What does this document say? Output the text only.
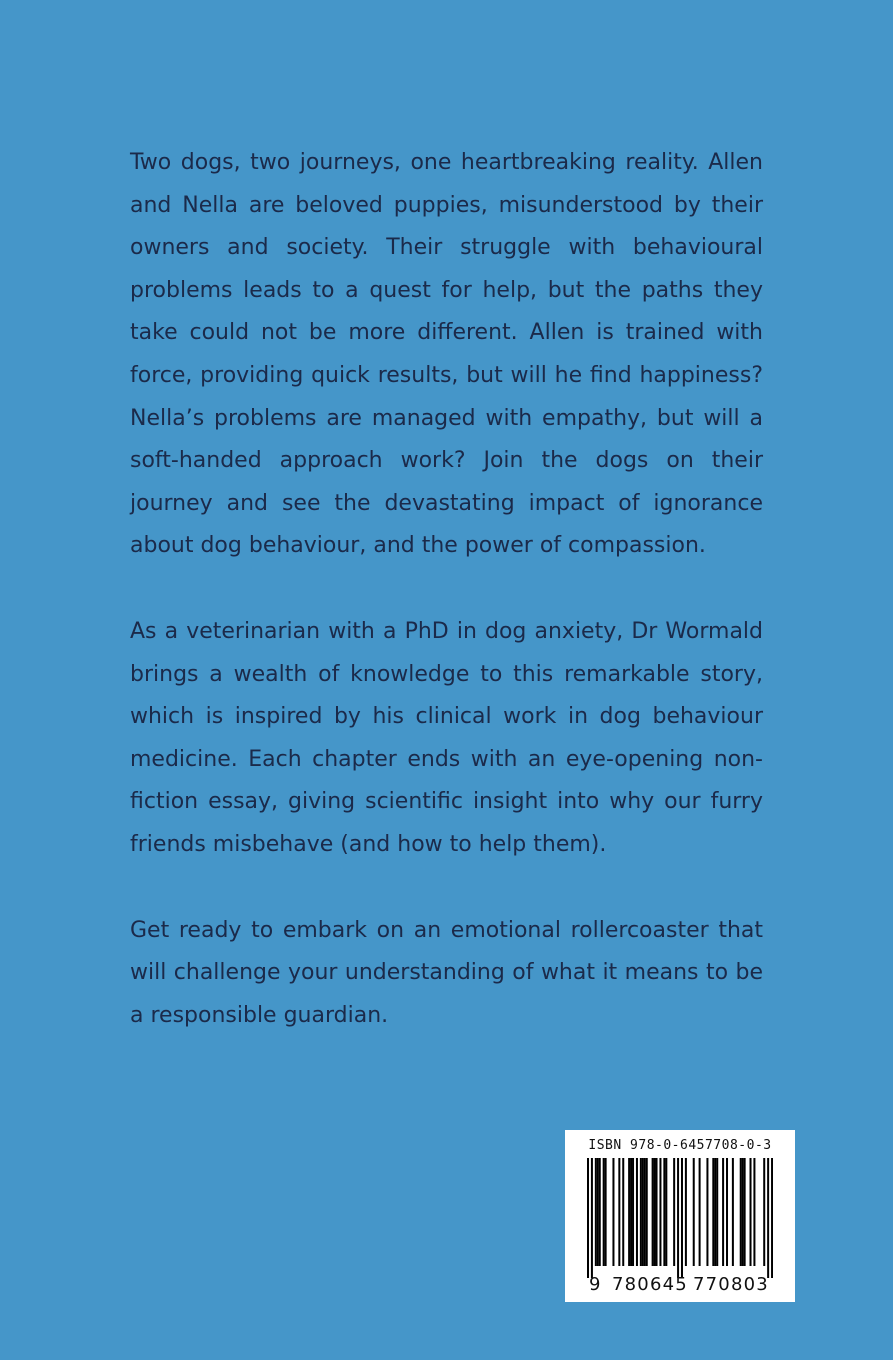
Two dogs, two journeys, one heartbreaking reality. Allen and Nella are beloved puppies, misunderstood by their owners and society. Their struggle with behavioural problems leads to a quest for help, but the paths they take could not be more different. Allen is trained with force, providing quick results, but will he find happiness? Nella’s problems are managed with empathy, but will a soft-handed approach work? Join the dogs on their journey and see the devastating impact of ignorance about dog behaviour, and the power of compassion.

As a veterinarian with a PhD in dog anxiety, Dr Wormald brings a wealth of knowledge to this remarkable story, which is inspired by his clinical work in dog behaviour medicine. Each chapter ends with an eye-opening non-fiction essay, giving scientific insight into why our furry friends misbehave (and how to help them).

Get ready to embark on an emotional rollercoaster that will challenge your understanding of what it means to be a responsible guardian.

ISBN 978-0-6457708-0-3
9 780645 770803
